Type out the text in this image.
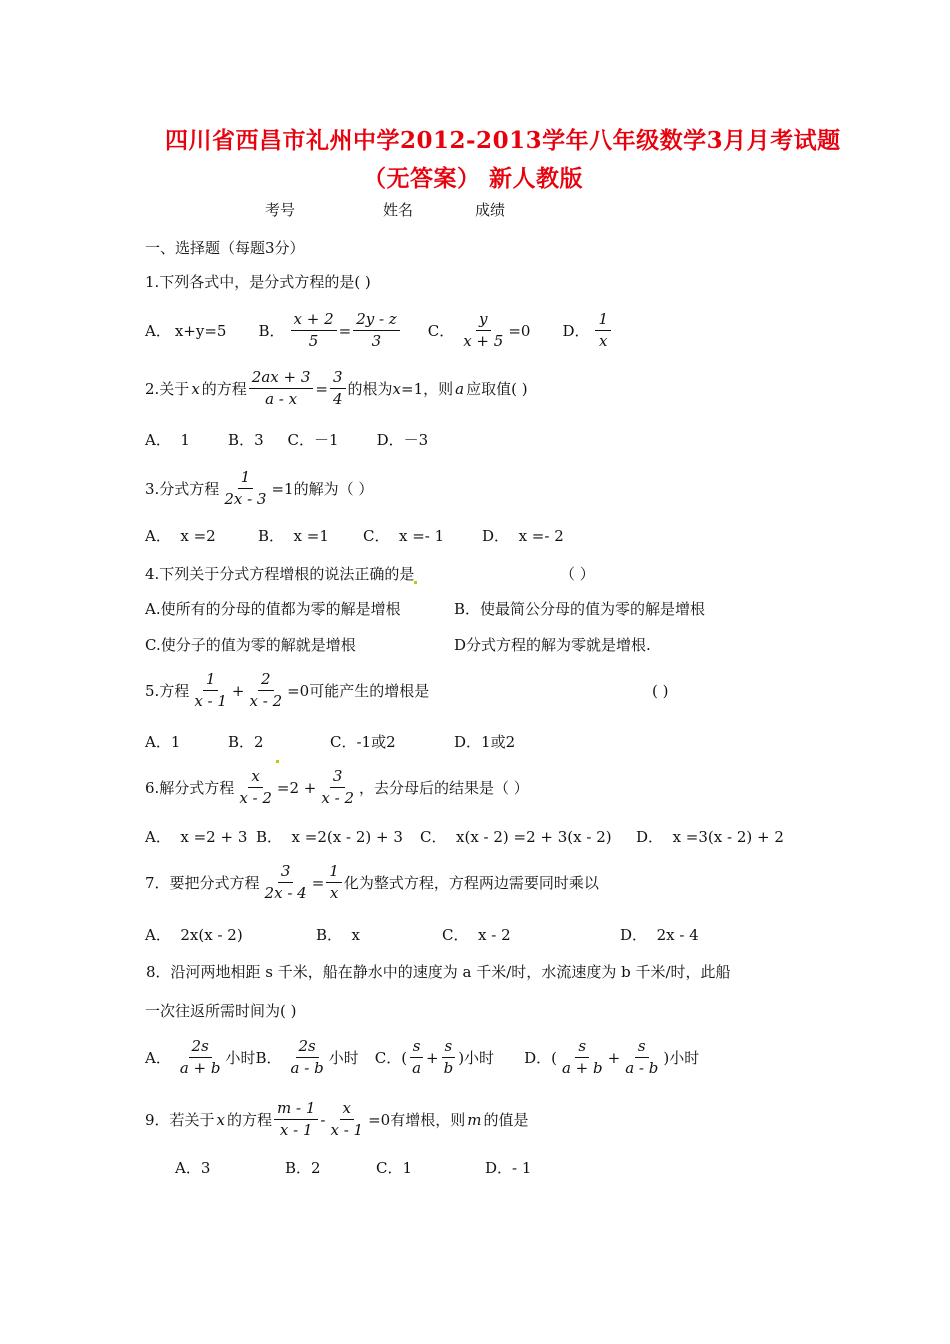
四川省西昌市礼州中学2012-2013学年八年级数学3月月考试题
（无答案） 新人教版
考号	姓名	成绩
一、选择题（每题3分）
1.下列各式中，是分式方程的是( )
A． x+y=5 B． $\frac{x + 2}{5} = \frac{2y - z}{3}$ C． $\frac{y}{x + 5} =0$ D． $\frac{1}{x}$
2.关于 x 的方程 $\frac{2ax + 3}{a - x} = \frac{3}{4}$ 的根为 x =1，则 a 应取值( )
A．  1        B．3     C．－1        D．－3
3.分式方程 $\frac{1}{2x - 3} =1$的解为（ ）
A．  x =2	B．  x =1 C．  x =- 1	D．  x =- 2
4.下列关于分式方程增根的说法正确的是	（ ）
A.使所有的分母的值都为零的解是增根	B．使最简公分母的值为零的解是增根
C.使分子的值为零的解就是增根	D分式方程的解为零就是增根.
5.方程 $\frac{1}{x - 1} + \frac{2}{x - 2} =0$可能产生的增根是	( )
A．1	B．2	C．-1或2	D．1或2
6.解分式方程 $\frac{x}{x - 2} =2 + \frac{3}{x - 2}$ ，去分母后的结果是（ ）
A．  x =2 + 3 B．  x =2(x - 2) + 3 C．  x(x - 2) =2 + 3(x - 2) D．  x =3(x - 2) + 2
7．要把分式方程 $\frac{3}{2x - 4} = \frac{1}{x}$ 化为整式方程，方程两边需要同时乘以
A．  2x(x - 2)	B．  x	C．  x - 2	D．  2x - 4
8．沿河两地相距 s 千米，船在静水中的速度为 a 千米/时，水流速度为 b 千米/时，此船
一次往返所需时间为( )
A． $\frac{2s}{a + b}$ 小时 B． $\frac{2s}{a - b}$ 小时 C．( $\frac{s}{a} + \frac{s}{b}$ )小时 D．( $\frac{s}{a + b} + \frac{s}{a - b}$ )小时
9．若关于 x 的方程 $\frac{m - 1}{x - 1} - \frac{x}{x - 1} =0$有增根，则 m 的值是
A．3	B．2	C．1	D．- 1
